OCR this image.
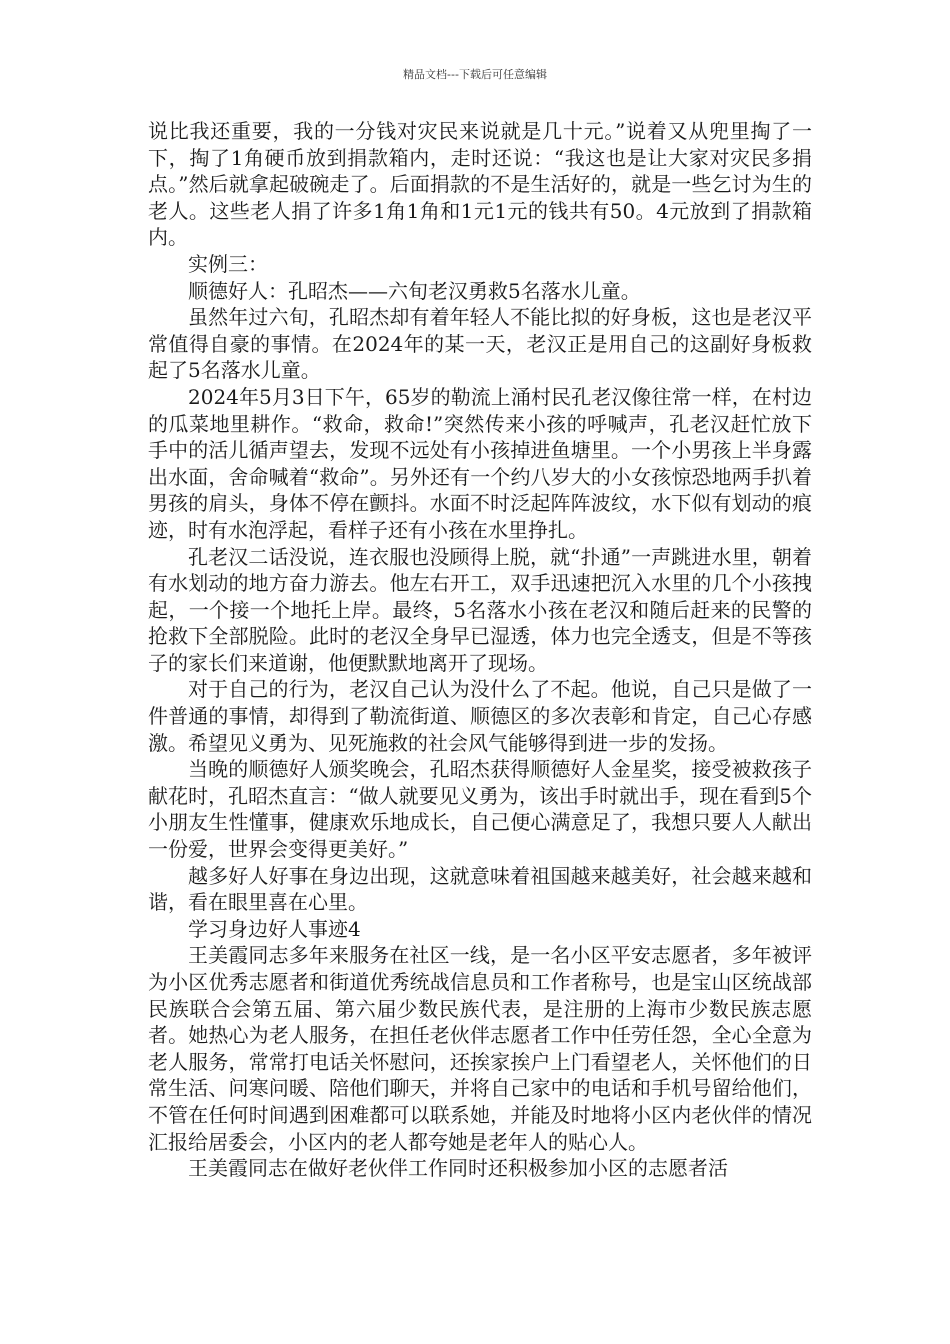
精品文档---下载后可任意编辑

说比我还重要，我的一分钱对灾民来说就是几十元。”说着又从兜里掏了一下，掏了1角硬币放到捐款箱内，走时还说：“我这也是让大家对灾民多捐点。”然后就拿起破碗走了。后面捐款的不是生活好的，就是一些乞讨为生的老人。这些老人捐了许多1角1角和1元1元的钱共有50。4元放到了捐款箱内。

实例三：

顺德好人：孔昭杰——六旬老汉勇救5名落水儿童。

虽然年过六旬，孔昭杰却有着年轻人不能比拟的好身板，这也是老汉平常值得自豪的事情。在2024年的某一天，老汉正是用自己的这副好身板救起了5名落水儿童。

2024年5月3日下午，65岁的勒流上涌村民孔老汉像往常一样，在村边的瓜菜地里耕作。“救命，救命!”突然传来小孩的呼喊声，孔老汉赶忙放下手中的活儿循声望去，发现不远处有小孩掉进鱼塘里。一个小男孩上半身露出水面，舍命喊着“救命”。另外还有一个约八岁大的小女孩惊恐地两手扒着男孩的肩头，身体不停在颤抖。水面不时泛起阵阵波纹，水下似有划动的痕迹，时有水泡浮起，看样子还有小孩在水里挣扎。

孔老汉二话没说，连衣服也没顾得上脱，就“扑通”一声跳进水里，朝着有水划动的地方奋力游去。他左右开工，双手迅速把沉入水里的几个小孩拽起，一个接一个地托上岸。最终，5名落水小孩在老汉和随后赶来的民警的抢救下全部脱险。此时的老汉全身早已湿透，体力也完全透支，但是不等孩子的家长们来道谢，他便默默地离开了现场。

对于自己的行为，老汉自己认为没什么了不起。他说，自己只是做了一件普通的事情，却得到了勒流街道、顺德区的多次表彰和肯定，自己心存感激。希望见义勇为、见死施救的社会风气能够得到进一步的发扬。

当晚的顺德好人颁奖晚会，孔昭杰获得顺德好人金星奖，接受被救孩子献花时，孔昭杰直言：“做人就要见义勇为，该出手时就出手，现在看到5个小朋友生性懂事，健康欢乐地成长，自己便心满意足了，我想只要人人献出一份爱，世界会变得更美好。”

越多好人好事在身边出现，这就意味着祖国越来越美好，社会越来越和谐，看在眼里喜在心里。

学习身边好人事迹4

王美霞同志多年来服务在社区一线，是一名小区平安志愿者，多年被评为小区优秀志愿者和街道优秀统战信息员和工作者称号，也是宝山区统战部民族联合会第五届、第六届少数民族代表，是注册的上海市少数民族志愿者。她热心为老人服务，在担任老伙伴志愿者工作中任劳任怨，全心全意为老人服务，常常打电话关怀慰问，还挨家挨户上门看望老人，关怀他们的日常生活、问寒问暖、陪他们聊天，并将自己家中的电话和手机号留给他们，不管在任何时间遇到困难都可以联系她，并能及时地将小区内老伙伴的情况汇报给居委会，小区内的老人都夸她是老年人的贴心人。

王美霞同志在做好老伙伴工作同时还积极参加小区的志愿者活
